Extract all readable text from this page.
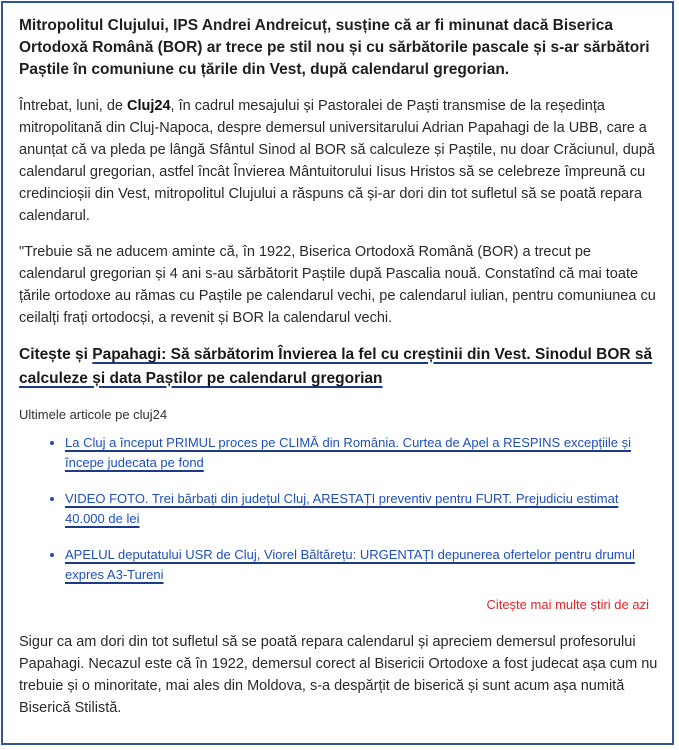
Mitropolitul Clujului, IPS Andrei Andreicuț, susține că ar fi minunat dacă Biserica Ortodoxă Română (BOR) ar trece pe stil nou și cu sărbătorile pascale și s-ar sărbători Paștile în comuniune cu țările din Vest, după calendarul gregorian.

Întrebat, luni, de Cluj24, în cadrul mesajului și Pastoralei de Paști transmise de la reședința mitropolitană din Cluj-Napoca, despre demersul universitarului Adrian Papahagi de la UBB, care a anunțat că va pleda pe lângă Sfântul Sinod al BOR să calculeze și Paștile, nu doar Crăciunul, după calendarul gregorian, astfel încât Învierea Mântuitorului Iisus Hristos să se celebreze împreună cu credincioșii din Vest, mitropolitul Clujului a răspuns că și-ar dori din tot sufletul să se poată repara calendarul.

"Trebuie să ne aducem aminte că, în 1922, Biserica Ortodoxă Română (BOR) a trecut pe calendarul gregorian și 4 ani s-au sărbătorit Paștile după Pascalia nouă. Constatînd că mai toate țările ortodoxe au rămas cu Paștile pe calendarul vechi, pe calendarul iulian, pentru comuniunea cu ceilalți frați ortodocși, a revenit și BOR la calendarul vechi.

Citește și Papahagi: Să sărbătorim Învierea la fel cu creștinii din Vest. Sinodul BOR să calculeze și data Paștilor pe calendarul gregorian

Ultimele articole pe cluj24

• La Cluj a început PRIMUL proces pe CLIMĂ din România. Curtea de Apel a RESPINS excepțiile și începe judecata pe fond
• VIDEO FOTO. Trei bărbați din județul Cluj, ARESTAȚI preventiv pentru FURT. Prejudiciu estimat 40.000 de lei
• APELUL deputatului USR de Cluj, Viorel Băltărețu: URGENTAȚI depunerea ofertelor pentru drumul expres A3-Tureni
Citește mai multe știri de azi

Sigur ca am dori din tot sufletul să se poată repara calendarul și apreciem demersul profesorului Papahagi. Necazul este că în 1922, demersul corect al Bisericii Ortodoxe a fost judecat așa cum nu trebuie și o minoritate, mai ales din Moldova, s-a despărțit de biserică și sunt acum așa numită Biserică Stilistă.
